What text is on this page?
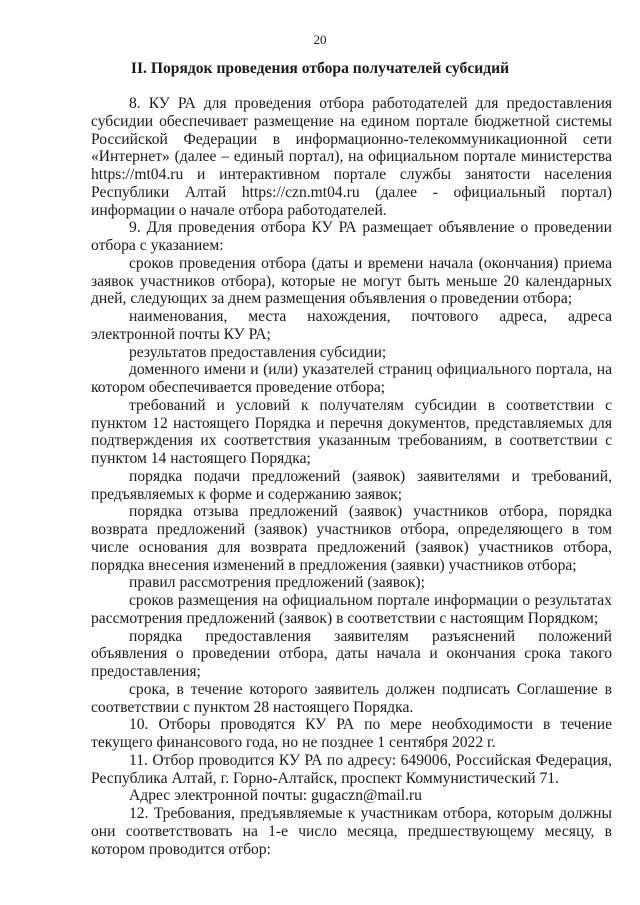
20
II. Порядок проведения отбора получателей субсидий

8. КУ РА для проведения отбора работодателей для предоставления субсидии обеспечивает размещение на едином портале бюджетной системы Российской Федерации в информационно-телекоммуникационной сети «Интернет» (далее – единый портал), на официальном портале министерства https://mt04.ru и интерактивном портале службы занятости населения Республики Алтай https://czn.mt04.ru (далее - официальный портал) информации о начале отбора работодателей.

9. Для проведения отбора КУ РА размещает объявление о проведении отбора с указанием:

сроков проведения отбора (даты и времени начала (окончания) приема заявок участников отбора), которые не могут быть меньше 20 календарных дней, следующих за днем размещения объявления о проведении отбора;

наименования, места нахождения, почтового адреса, адреса электронной почты КУ РА;

результатов предоставления субсидии;

доменного имени и (или) указателей страниц официального портала, на котором обеспечивается проведение отбора;

требований и условий к получателям субсидии в соответствии с пунктом 12 настоящего Порядка и перечня документов, представляемых для подтверждения их соответствия указанным требованиям, в соответствии с пунктом 14 настоящего Порядка;

порядка подачи предложений (заявок) заявителями и требований, предъявляемых к форме и содержанию заявок;

порядка отзыва предложений (заявок) участников отбора, порядка возврата предложений (заявок) участников отбора, определяющего в том числе основания для возврата предложений (заявок) участников отбора, порядка внесения изменений в предложения (заявки) участников отбора;

правил рассмотрения предложений (заявок);

сроков размещения на официальном портале информации о результатах рассмотрения предложений (заявок) в соответствии с настоящим Порядком;

порядка предоставления заявителям разъяснений положений объявления о проведении отбора, даты начала и окончания срока такого предоставления;

срока, в течение которого заявитель должен подписать Соглашение в соответствии с пунктом 28 настоящего Порядка.

10. Отборы проводятся КУ РА по мере необходимости в течение текущего финансового года, но не позднее 1 сентября 2022 г.

11. Отбор проводится КУ РА по адресу: 649006, Российская Федерация, Республика Алтай, г. Горно-Алтайск, проспект Коммунистический 71.

Адрес электронной почты: gugaczn@mail.ru

12. Требования, предъявляемые к участникам отбора, которым должны они соответствовать на 1-е число месяца, предшествующему месяцу, в котором проводится отбор:
